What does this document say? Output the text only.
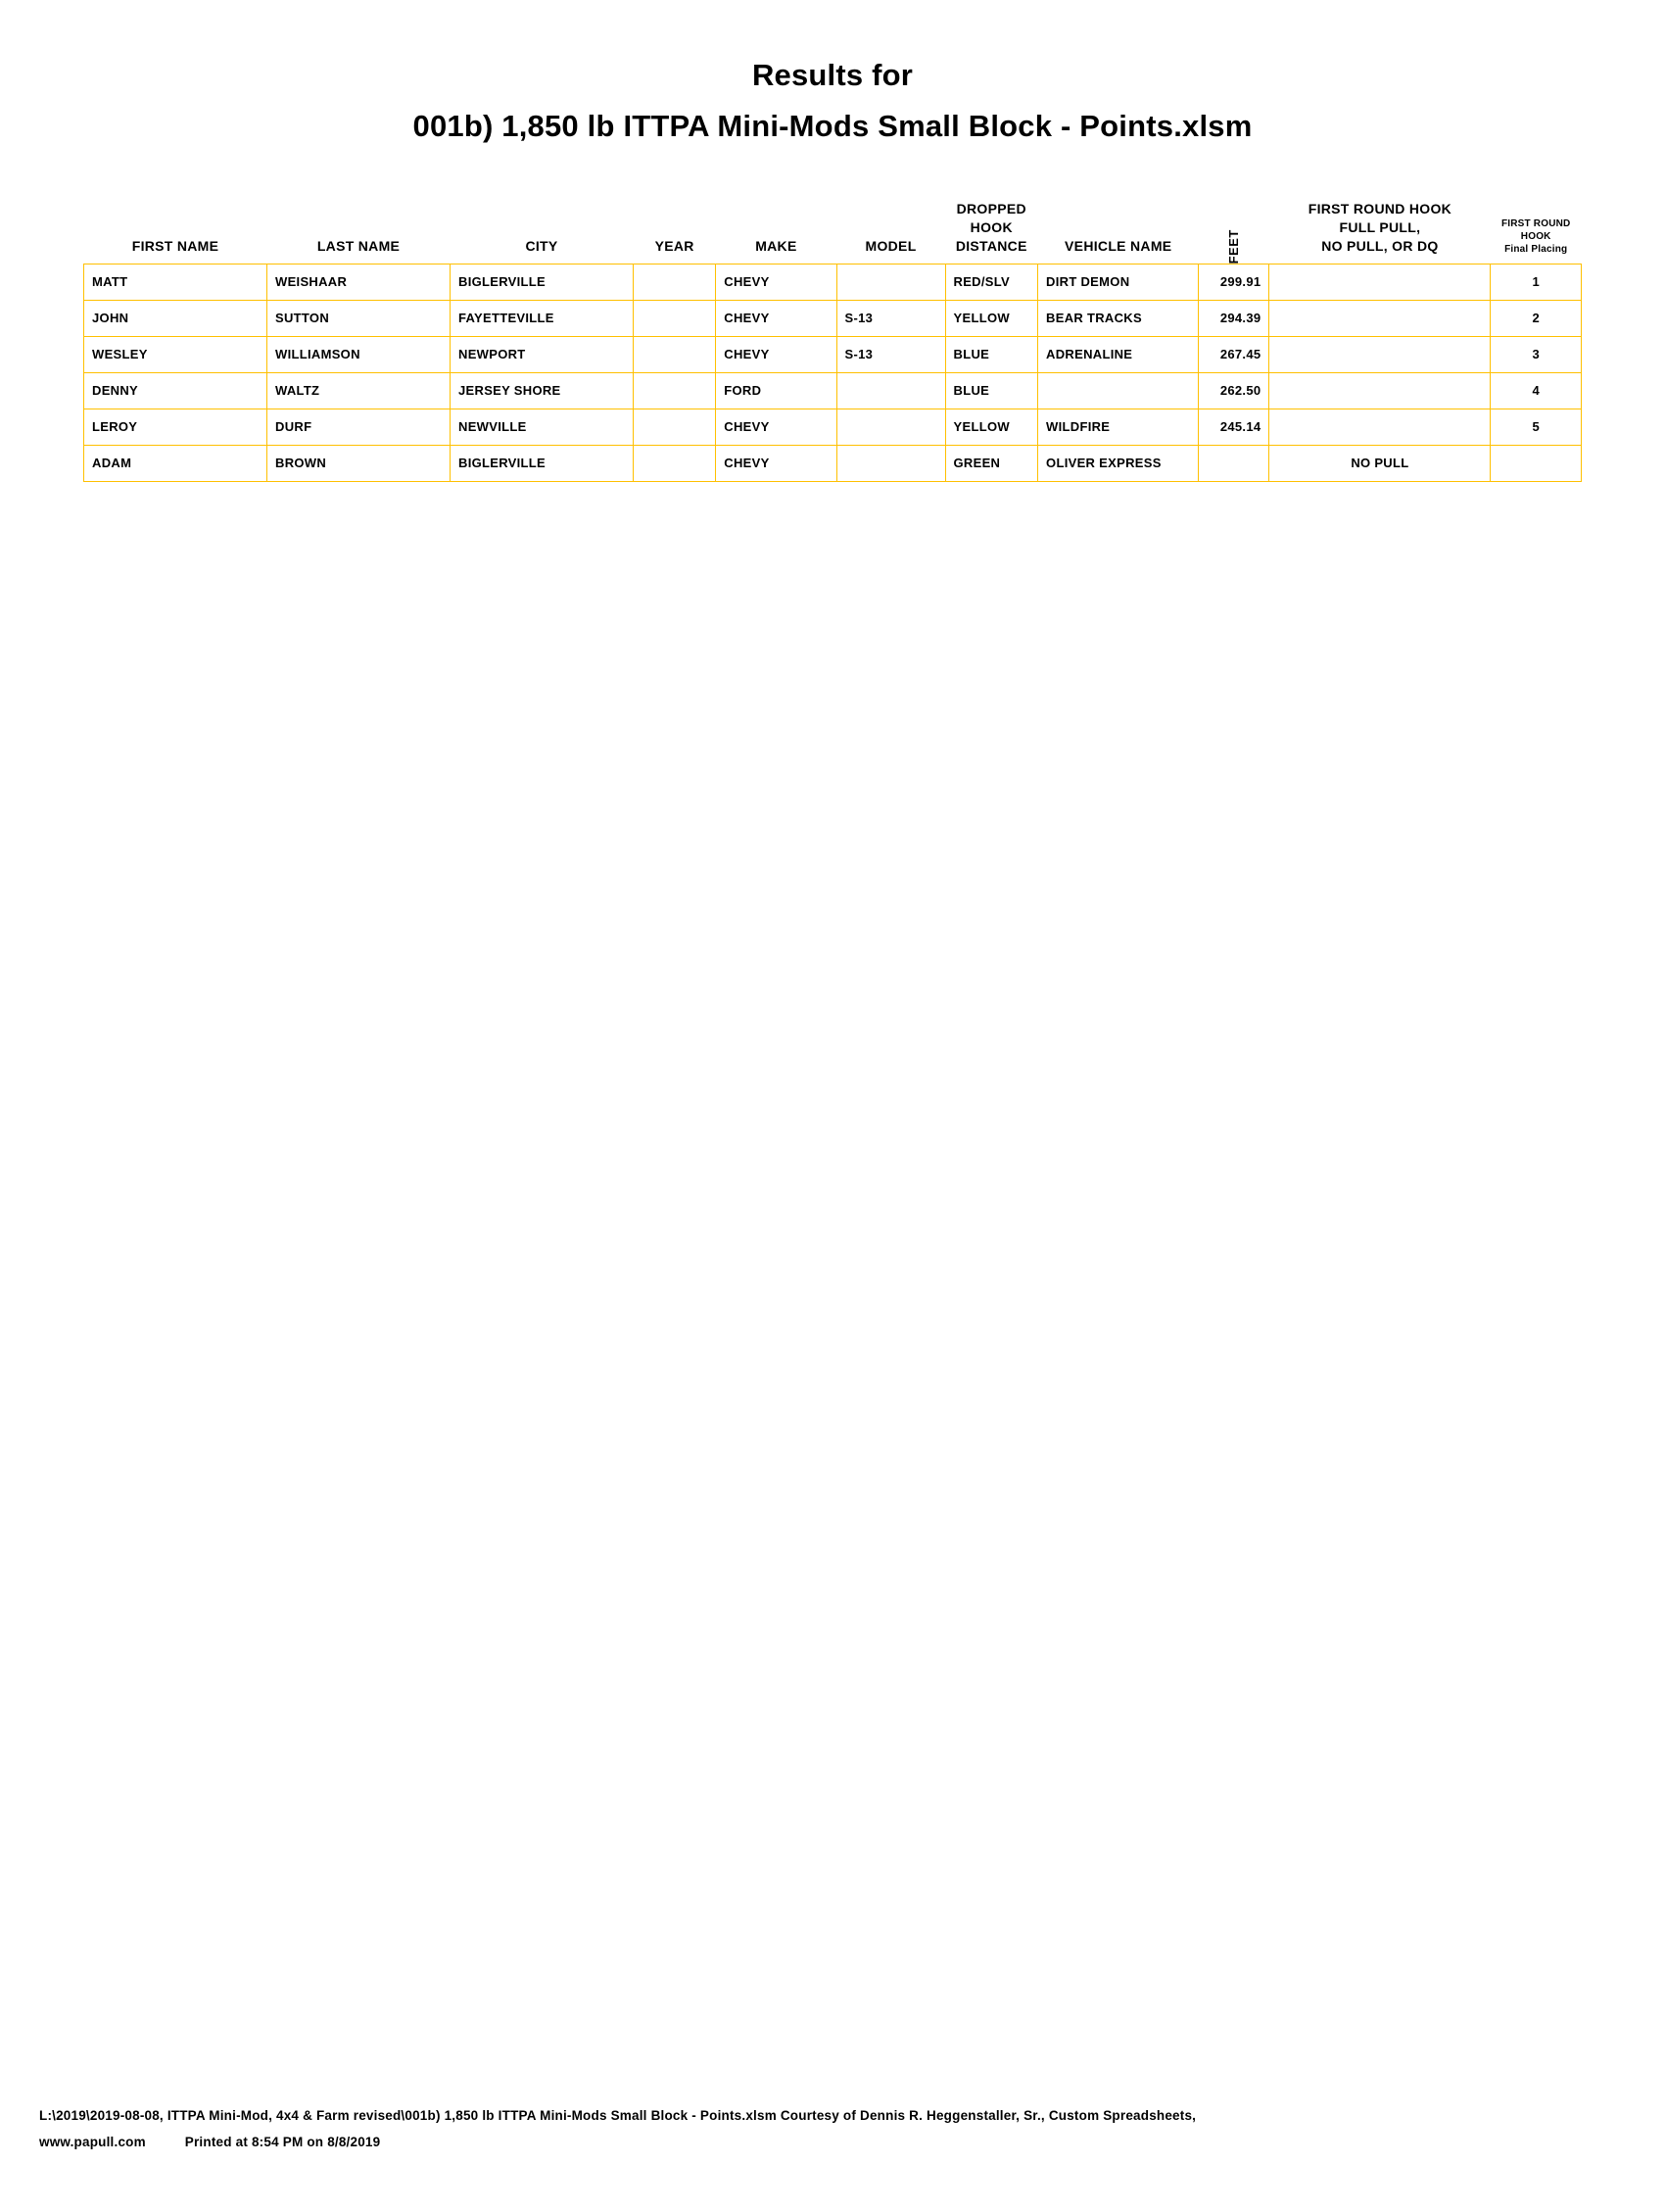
Results for
001b) 1,850 lb ITTPA Mini-Mods Small Block - Points.xlsm
FIRST NAME	LAST NAME	CITY	YEAR	MAKE	MODEL	
DROPPED
HOOK
DISTANCE	VEHICLE NAME	FEET	
FIRST ROUND HOOK
FULL PULL,
NO PULL, OR DQ

FIRST ROUND
HOOK
Final Placing

MATT	WEISHAAR	BIGLERVILLE		CHEVY		RED/SLV	DIRT DEMON	299.91		1
JOHN	SUTTON	FAYETTEVILLE		CHEVY	S-13	YELLOW	BEAR TRACKS	294.39		2
WESLEY	WILLIAMSON	NEWPORT		CHEVY	S-13	BLUE	ADRENALINE	267.45		3
DENNY	WALTZ	JERSEY SHORE		FORD		BLUE		262.50		4
LEROY	DURF	NEWVILLE		CHEVY		YELLOW	WILDFIRE	245.14		5
ADAM	BROWN	BIGLERVILLE		CHEVY		GREEN	OLIVER EXPRESS		NO PULL	
L:\2019\2019-08-08, ITTPA Mini-Mod, 4x4 & Farm revised\001b) 1,850 lb ITTPA Mini-Mods Small Block - Points.xlsm Courtesy of Dennis R. Heggenstaller, Sr., Custom Spreadsheets,
www.papull.com	Printed at 8:54 PM on 8/8/2019
